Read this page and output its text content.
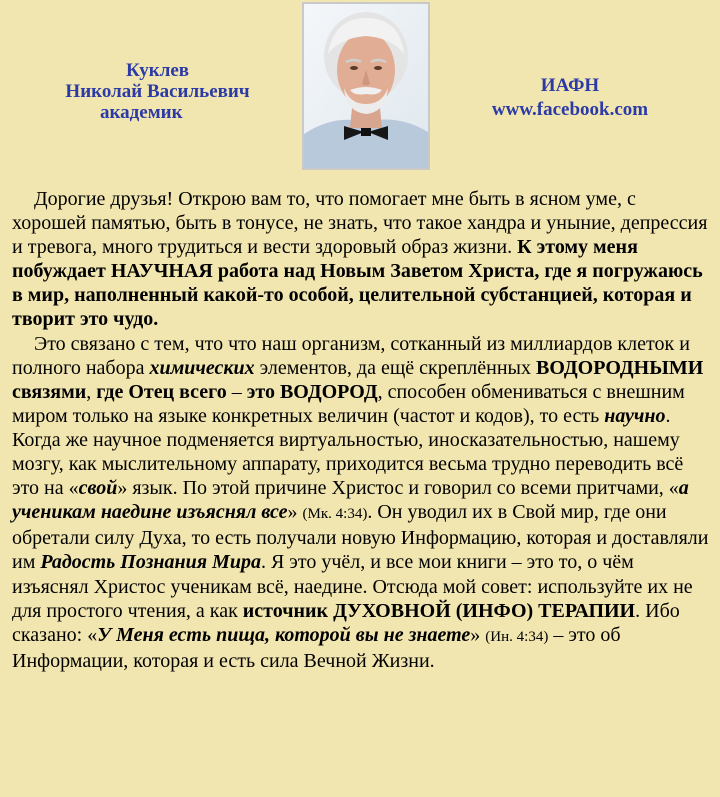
Куклев
Николай Васильевич
академик
ИАФН
www.facebook.com

Дорогие друзья! Открою вам то, что помогает мне быть в ясном уме, с хорошей памятью, быть в тонусе, не знать, что такое хандра и уныние, депрессия и тревога, много трудиться и вести здоровый образ жизни. К этому меня побуждает НАУЧНАЯ работа над Новым Заветом Христа, где я погружаюсь в мир, наполненный какой-то особой, целительной субстанцией, которая и творит это чудо.

Это связано с тем, что что наш организм, сотканный из миллиардов клеток и полного набора химических элементов, да ещё скреплённых ВОДОРОДНЫМИ связями, где Отец всего – это ВОДОРОД, способен обмениваться с внешним миром только на языке конкретных величин (частот и кодов), то есть научно. Когда же научное подменяется виртуальностью, иносказательностью, нашему мозгу, как мыслительному аппарату, приходится весьма трудно переводить всё это на «свой» язык. По этой причине Христос и говорил со всеми притчами, «а ученикам наедине изъяснял все» (Мк. 4:34). Он уводил их в Свой мир, где они обретали силу Духа, то есть получали новую Информацию, которая и доставляли им Радость Познания Мира. Я это учёл, и все мои книги – это то, о чём изъяснял Христос ученикам всё, наедине. Отсюда мой совет: используйте их не для простого чтения, а как источник ДУХОВНОЙ (ИНФО) ТЕРАПИИ. Ибо сказано: «У Меня есть пища, которой вы не знаете» (Ин. 4:34) – это об Информации, которая и есть сила Вечной Жизни.
